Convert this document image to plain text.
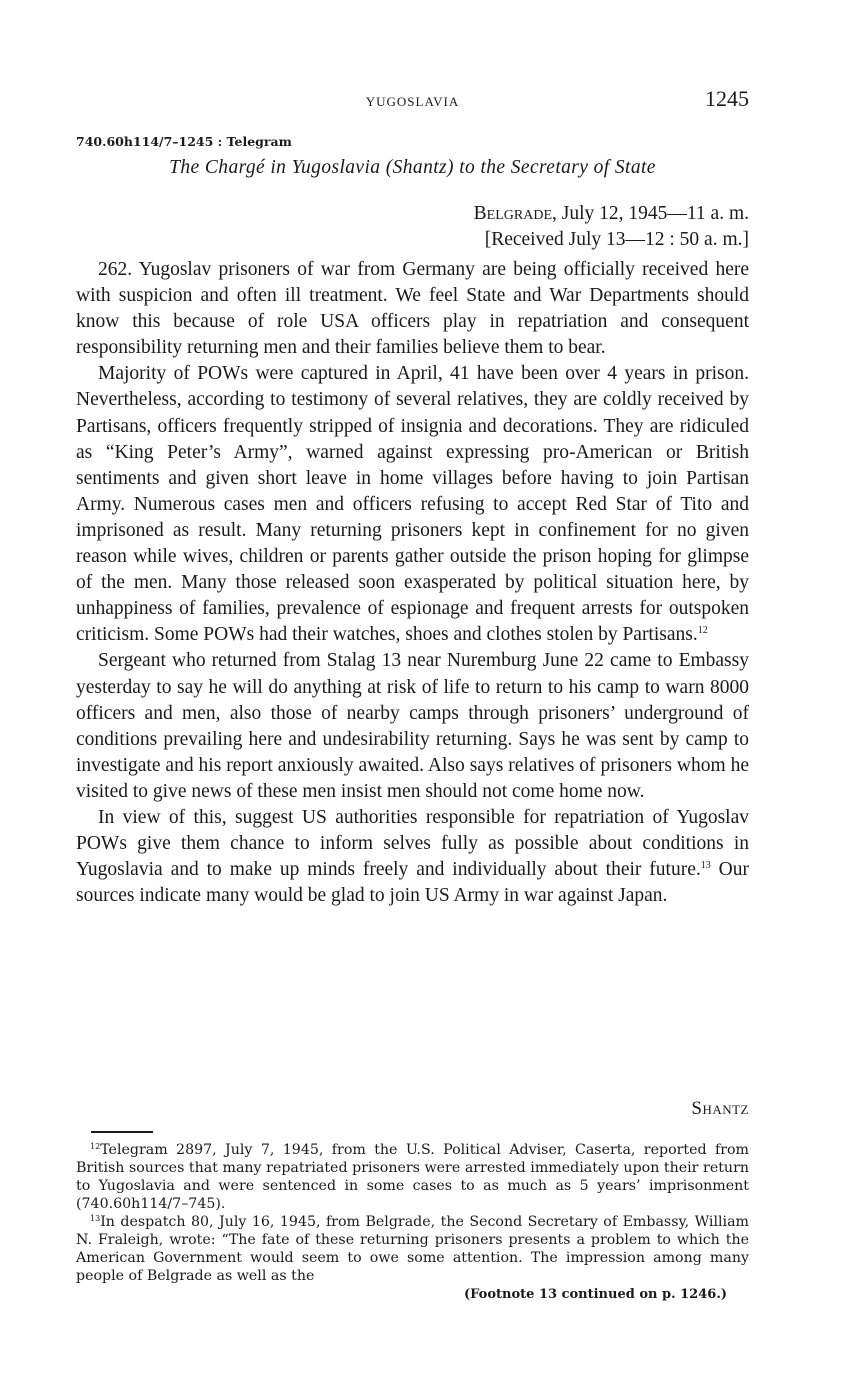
YUGOSLAVIA	1245
740.60h114/7–1245 : Telegram
The Chargé in Yugoslavia (Shantz) to the Secretary of State
Belgrade, July 12, 1945—11 a. m.
[Received July 13—12 : 50 a. m.]

262. Yugoslav prisoners of war from Germany are being officially received here with suspicion and often ill treatment. We feel State and War Departments should know this because of role USA officers play in repatriation and consequent responsibility returning men and their families believe them to bear.

Majority of POWs were captured in April, 41 have been over 4 years in prison. Nevertheless, according to testimony of several relatives, they are coldly received by Partisans, officers frequently stripped of insignia and decorations. They are ridiculed as “King Peter’s Army”, warned against expressing pro-American or British sentiments and given short leave in home villages before having to join Partisan Army. Numerous cases men and officers refusing to accept Red Star of Tito and imprisoned as result. Many returning prisoners kept in confinement for no given reason while wives, children or parents gather outside the prison hoping for glimpse of the men. Many those released soon exasperated by political situation here, by unhappiness of families, prevalence of espionage and frequent arrests for outspoken criticism. Some POWs had their watches, shoes and clothes stolen by Partisans.$^{12}$

Sergeant who returned from Stalag 13 near Nuremburg June 22 came to Embassy yesterday to say he will do anything at risk of life to return to his camp to warn 8000 officers and men, also those of nearby camps through prisoners’ underground of conditions prevailing here and undesirability returning. Says he was sent by camp to investigate and his report anxiously awaited. Also says relatives of prisoners whom he visited to give news of these men insist men should not come home now.

In view of this, suggest US authorities responsible for repatriation of Yugoslav POWs give them chance to inform selves fully as possible about conditions in Yugoslavia and to make up minds freely and individually about their future.$^{13}$ Our sources indicate many would be glad to join US Army in war against Japan.

Shantz

$^{12}$Telegram 2897, July 7, 1945, from the U.S. Political Adviser, Caserta, reported from British sources that many repatriated prisoners were arrested immediately upon their return to Yugoslavia and were sentenced in some cases to as much as 5 years’ imprisonment (740.60h114/7–745).

$^{13}$In despatch 80, July 16, 1945, from Belgrade, the Second Secretary of Embassy, William N. Fraleigh, wrote: “The fate of these returning prisoners presents a problem to which the American Government would seem to owe some attention. The impression among many people of Belgrade as well as the

(Footnote 13 continued on p. 1246.)
